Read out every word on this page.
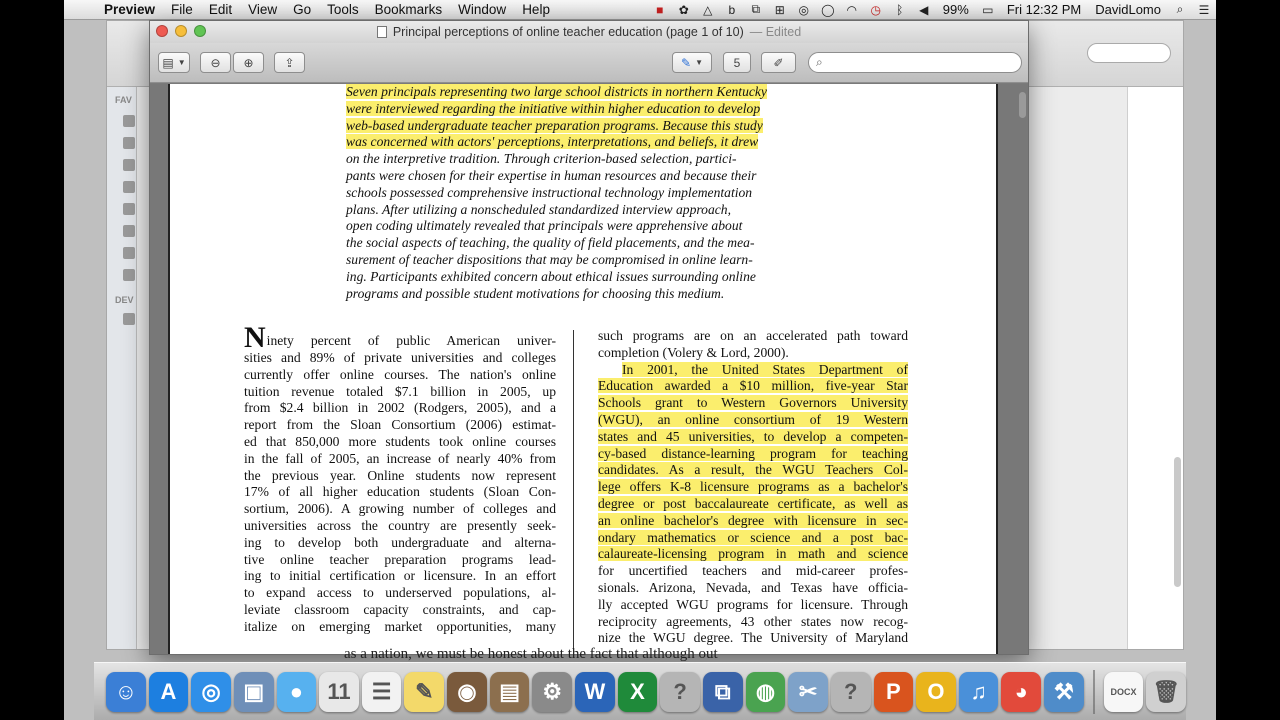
Preview	File	Edit	View	Go	Tools	Bookmarks	Window	Help	■	✿	△	b	⧉	⊞	◎	◯	◠	◷	ᛒ	◀	99%	▭	Fri 12:32 PM	DavidLomo	⌕	☰
FAV
DEV
Principal perceptions of online teacher education (page 1 of 10) — Edited
▤ ▼ ⊖ ⊕	⇪	✎ ▼	5	✐	⌕
Seven principals representing two large school districts in northern Kentucky
were interviewed regarding the initiative within higher education to develop
web-based undergraduate teacher preparation programs. Because this study
was concerned with actors' perceptions, interpretations, and beliefs, it drew
on the interpretive tradition. Through criterion-based selection, partici-
pants were chosen for their expertise in human resources and because their
schools possessed comprehensive instructional technology implementation
plans. After utilizing a nonscheduled standardized interview approach,
open coding ultimately revealed that principals were apprehensive about
the social aspects of teaching, the quality of field placements, and the mea-
surement of teacher dispositions that may be compromised in online learn-
ing. Participants exhibited concern about ethical issues surrounding online
programs and possible student motivations for choosing this medium.
N inety percent of public American univer-
sities and 89% of private universities and colleges
currently offer online courses. The nation's online
tuition revenue totaled $7.1 billion in 2005, up
from $2.4 billion in 2002 (Rodgers, 2005), and a
report from the Sloan Consortium (2006) estimat-
ed that 850,000 more students took online courses
in the fall of 2005, an increase of nearly 40% from
the previous year. Online students now represent
17% of all higher education students (Sloan Con-
sortium, 2006). A growing number of colleges and
universities across the country are presently seek-
ing to develop both undergraduate and alterna-
tive online teacher preparation programs lead-
ing to initial certification or licensure. In an effort
to expand access to underserved populations, al-
leviate classroom capacity constraints, and cap-
italize on emerging market opportunities, many
such programs are on an accelerated path toward
completion (Volery & Lord, 2000).
In 2001, the United States Department of
Education awarded a $10 million, five-year Star
Schools grant to Western Governors University
(WGU), an online consortium of 19 Western
states and 45 universities, to develop a competen-
cy-based distance-learning program for teaching
candidates. As a result, the WGU Teachers Col-
lege offers K-8 licensure programs as a bachelor's
degree or post baccalaureate certificate, as well as
an online bachelor's degree with licensure in sec-
ondary mathematics or science and a post bac-
calaureate-licensing program in math and science
for uncertified teachers and mid-career profes-
sionals. Arizona, Nevada, and Texas have officia-
lly accepted WGU programs for licensure. Through
reciprocity agreements, 43 other states now recog-
nize the WGU degree. The University of Maryland
as a nation, we must be honest about the fact that although out
☺	A	◎	▣	●	11 ☰	✎	◉	▤	⚙	W	X	?	⧉	◍	✂	?	P	O	♫	◕	⚒	DOCX 🗑
